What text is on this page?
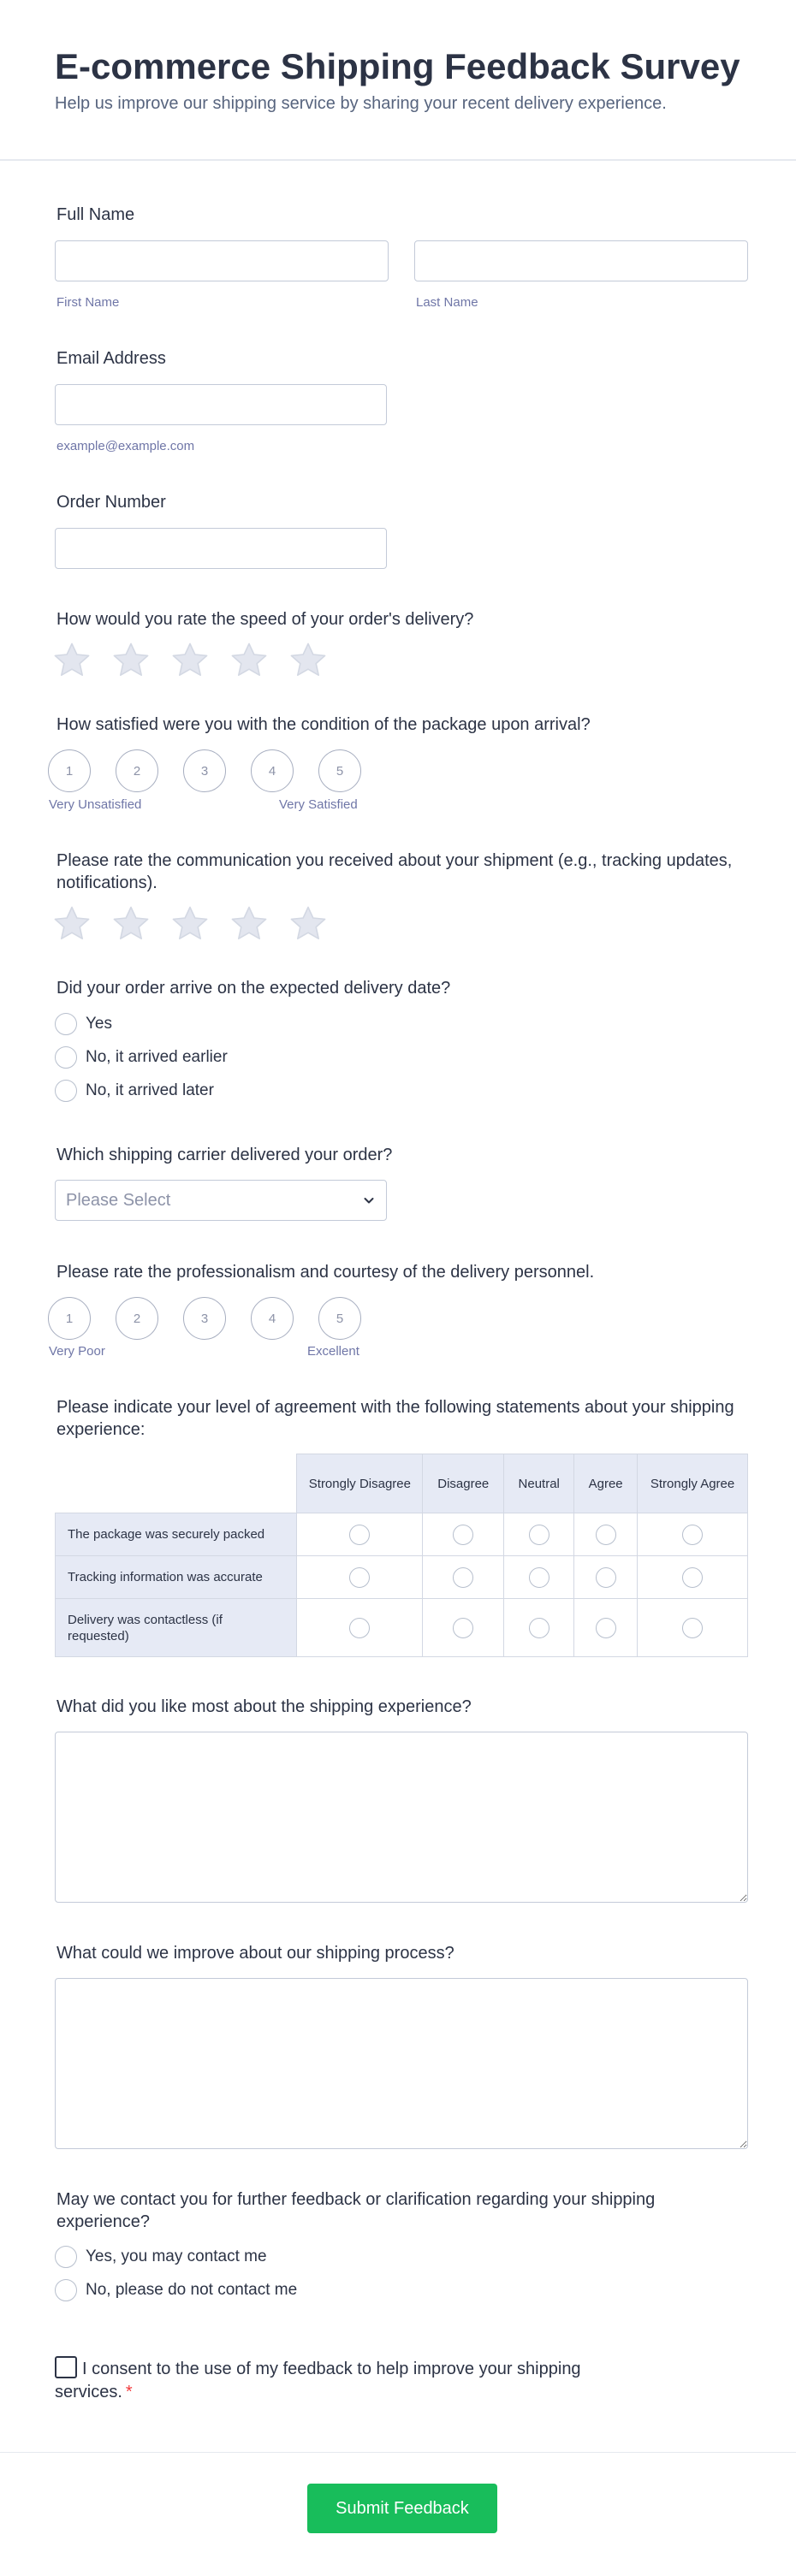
E-commerce Shipping Feedback Survey

Help us improve our shipping service by sharing your recent delivery experience.

Full Name
First Name	Last Name
Email Address
example@example.com
Order Number
How would you rate the speed of your order's delivery?
How satisfied were you with the condition of the package upon arrival?
1	2	3	4	5
Very Unsatisfied	Very Satisfied
Please rate the communication you received about your shipment (e.g., tracking updates, notifications).
Did your order arrive on the expected delivery date?
Yes
No, it arrived earlier
No, it arrived later
Which shipping carrier delivered your order?
Please Select
Please rate the professionalism and courtesy of the delivery personnel.
1	2	3	4	5
Very Poor	Excellent
Please indicate your level of agreement with the following statements about your shipping experience:
	Strongly Disagree	Disagree	Neutral	Agree	Strongly Agree
The package was securely packed					
Tracking information was accurate					
Delivery was contactless (if requested)					
What did you like most about the shipping experience?
What could we improve about our shipping process?
May we contact you for further feedback or clarification regarding your shipping experience?
Yes, you may contact me
No, please do not contact me
I consent to the use of my feedback to help improve your shipping services. *
Submit Feedback
